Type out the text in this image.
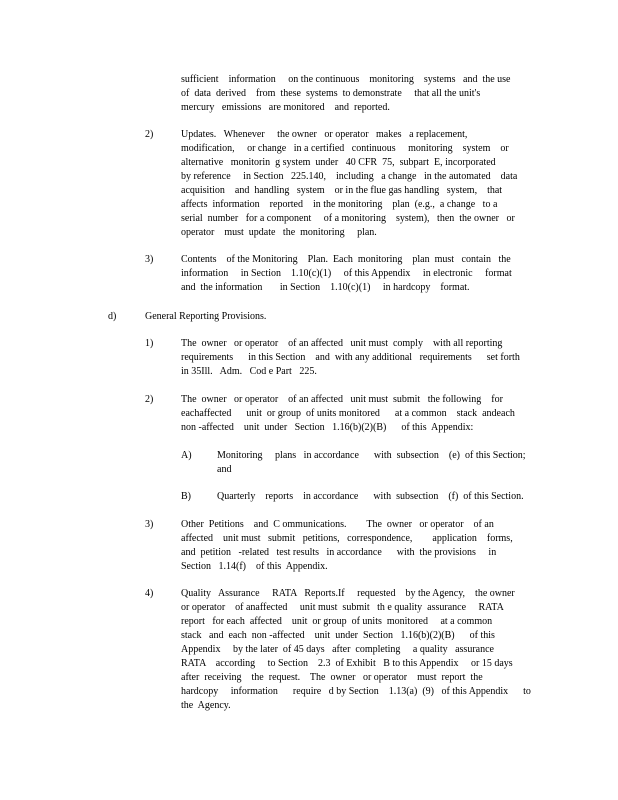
sufficient    information     on the continuous    monitoring    systems   and  the use

of  data  derived    from  these  systems  to demonstrate     that all the unit's

mercury   emissions   are monitored    and  reported.

2)	Updates.   Whenever     the owner   or operator   makes   a replacement,

modification,     or change   in a certified   continuous     monitoring    system    or

alternative   monitorin  g system  under   40 CFR  75,  subpart  E, incorporated

by reference     in Section   225.140,    including   a change   in the automated    data

acquisition    and  handling   system    or in the flue gas handling   system,    that

affects  information    reported    in the monitoring    plan  (e.g.,  a change   to a

serial  number   for a component     of a monitoring    system),   then  the owner   or

operator    must  update   the  monitoring     plan.

3)	Contents    of the Monitoring    Plan.  Each  monitoring    plan  must   contain   the

information     in Section    1.10(c)(1)     of this Appendix     in electronic     format

and  the information       in Section    1.10(c)(1)     in hardcopy    format.

d)	General Reporting Provisions.
1)	The  owner   or operator    of an affected   unit must  comply    with all reporting

requirements      in this Section    and  with any additional   requirements      set forth

in 35Ill.   Adm.   Cod e Part   225.

2)	The  owner   or operator    of an affected   unit must  submit   the following    for

eachaffected      unit  or group  of units monitored      at a common    stack  andeach

non -affected    unit  under   Section   1.16(b)(2)(B)      of this  Appendix:

A)	Monitoring     plans   in accordance      with  subsection    (e)  of this Section;

and

B)	Quarterly    reports    in accordance      with  subsection    (f)  of this Section.

3)	Other  Petitions    and  C ommunications.        The  owner   or operator    of an

affected    unit must   submit   petitions,   correspondence,        application    forms,

and  petition   -related   test results   in accordance      with  the provisions     in

Section   1.14(f)    of this  Appendix.

4)	Quality   Assurance     RATA   Reports.If     requested    by the Agency,    the owner

or operator    of anaffected     unit must  submit   th e quality  assurance     RATA

report   for each  affected    unit  or group  of units  monitored     at a common

stack   and  each  non -affected    unit  under  Section   1.16(b)(2)(B)      of this

Appendix     by the later  of 45 days   after  completing     a quality   assurance

RATA    according     to Section    2.3  of Exhibit   B to this Appendix     or 15 days

after  receiving    the  request.    The  owner   or operator    must  report  the

hardcopy     information      require   d by Section    1.13(a)  (9)   of this Appendix      to

the  Agency.
